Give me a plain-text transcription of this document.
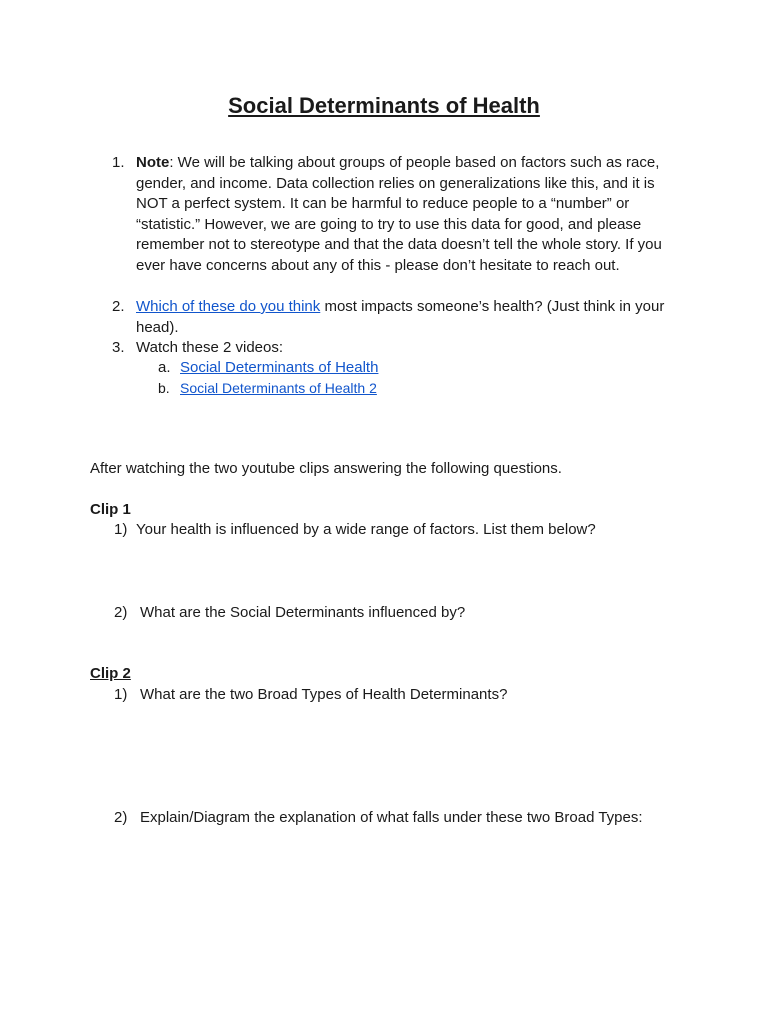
Social Determinants of Health
1. Note: We will be talking about groups of people based on factors such as race, gender, and income. Data collection relies on generalizations like this, and it is NOT a perfect system. It can be harmful to reduce people to a “number” or “statistic.” However, we are going to try to use this data for good, and please remember not to stereotype and that the data doesn’t tell the whole story. If you ever have concerns about any of this - please don’t hesitate to reach out.
2. Which of these do you think most impacts someone’s health? (Just think in your head).
3. Watch these 2 videos:
a. Social Determinants of Health
b. Social Determinants of Health 2
After watching the two youtube clips answering the following questions.
Clip 1
1) Your health is influenced by a wide range of factors. List them below?
2) What are the Social Determinants influenced by?
Clip 2
1) What are the two Broad Types of Health Determinants?
2) Explain/Diagram the explanation of what falls under these two Broad Types:
